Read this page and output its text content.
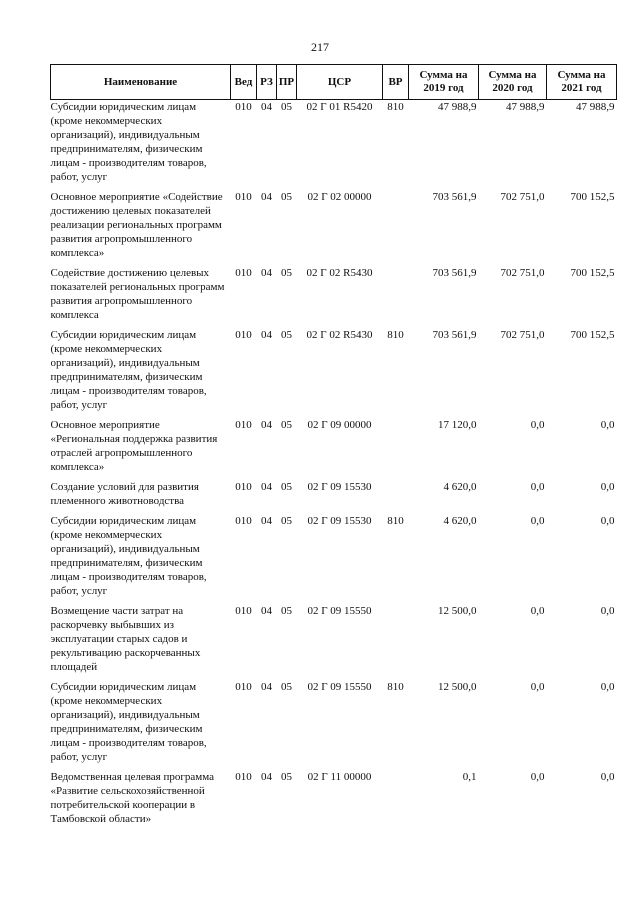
217
Наименование	Вед	РЗ	ПР	ЦСР	ВР	Сумма на 2019 год	Сумма на 2020 год	Сумма на 2021 год
Субсидии юридическим лицам (кроме некоммерческих организаций), индивидуальным предпринимателям, физическим лицам - производителям товаров, работ, услуг	010	04	05	02 Г 01 R5420	810	47 988,9	47 988,9	47 988,9

Основное мероприятие «Содействие достижению целевых показателей реализации региональных программ развития агропромышленного комплекса»	010	04	05	02 Г 02 00000		703 561,9	702 751,0	700 152,5

Содействие достижению целевых показателей региональных программ развития агропромышленного комплекса	010	04	05	02 Г 02 R5430		703 561,9	702 751,0	700 152,5

Субсидии юридическим лицам (кроме некоммерческих организаций), индивидуальным предпринимателям, физическим лицам - производителям товаров, работ, услуг	010	04	05	02 Г 02 R5430	810	703 561,9	702 751,0	700 152,5

Основное мероприятие «Региональная поддержка развития отраслей агропромышленного комплекса»	010	04	05	02 Г 09 00000		17 120,0	0,0	0,0

Создание условий для развития племенного животноводства	010	04	05	02 Г 09 15530		4 620,0	0,0	0,0

Субсидии юридическим лицам (кроме некоммерческих организаций), индивидуальным предпринимателям, физическим лицам - производителям товаров, работ, услуг	010	04	05	02 Г 09 15530	810	4 620,0	0,0	0,0

Возмещение части затрат на раскорчевку выбывших из эксплуатации старых садов и рекультивацию раскорчеванных площадей	010	04	05	02 Г 09 15550		12 500,0	0,0	0,0

Субсидии юридическим лицам (кроме некоммерческих организаций), индивидуальным предпринимателям, физическим лицам - производителям товаров, работ, услуг	010	04	05	02 Г 09 15550	810	12 500,0	0,0	0,0

Ведомственная целевая программа «Развитие сельскохозяйственной потребительской кооперации в Тамбовской области»	010	04	05	02 Г 11 00000		0,1	0,0	0,0
